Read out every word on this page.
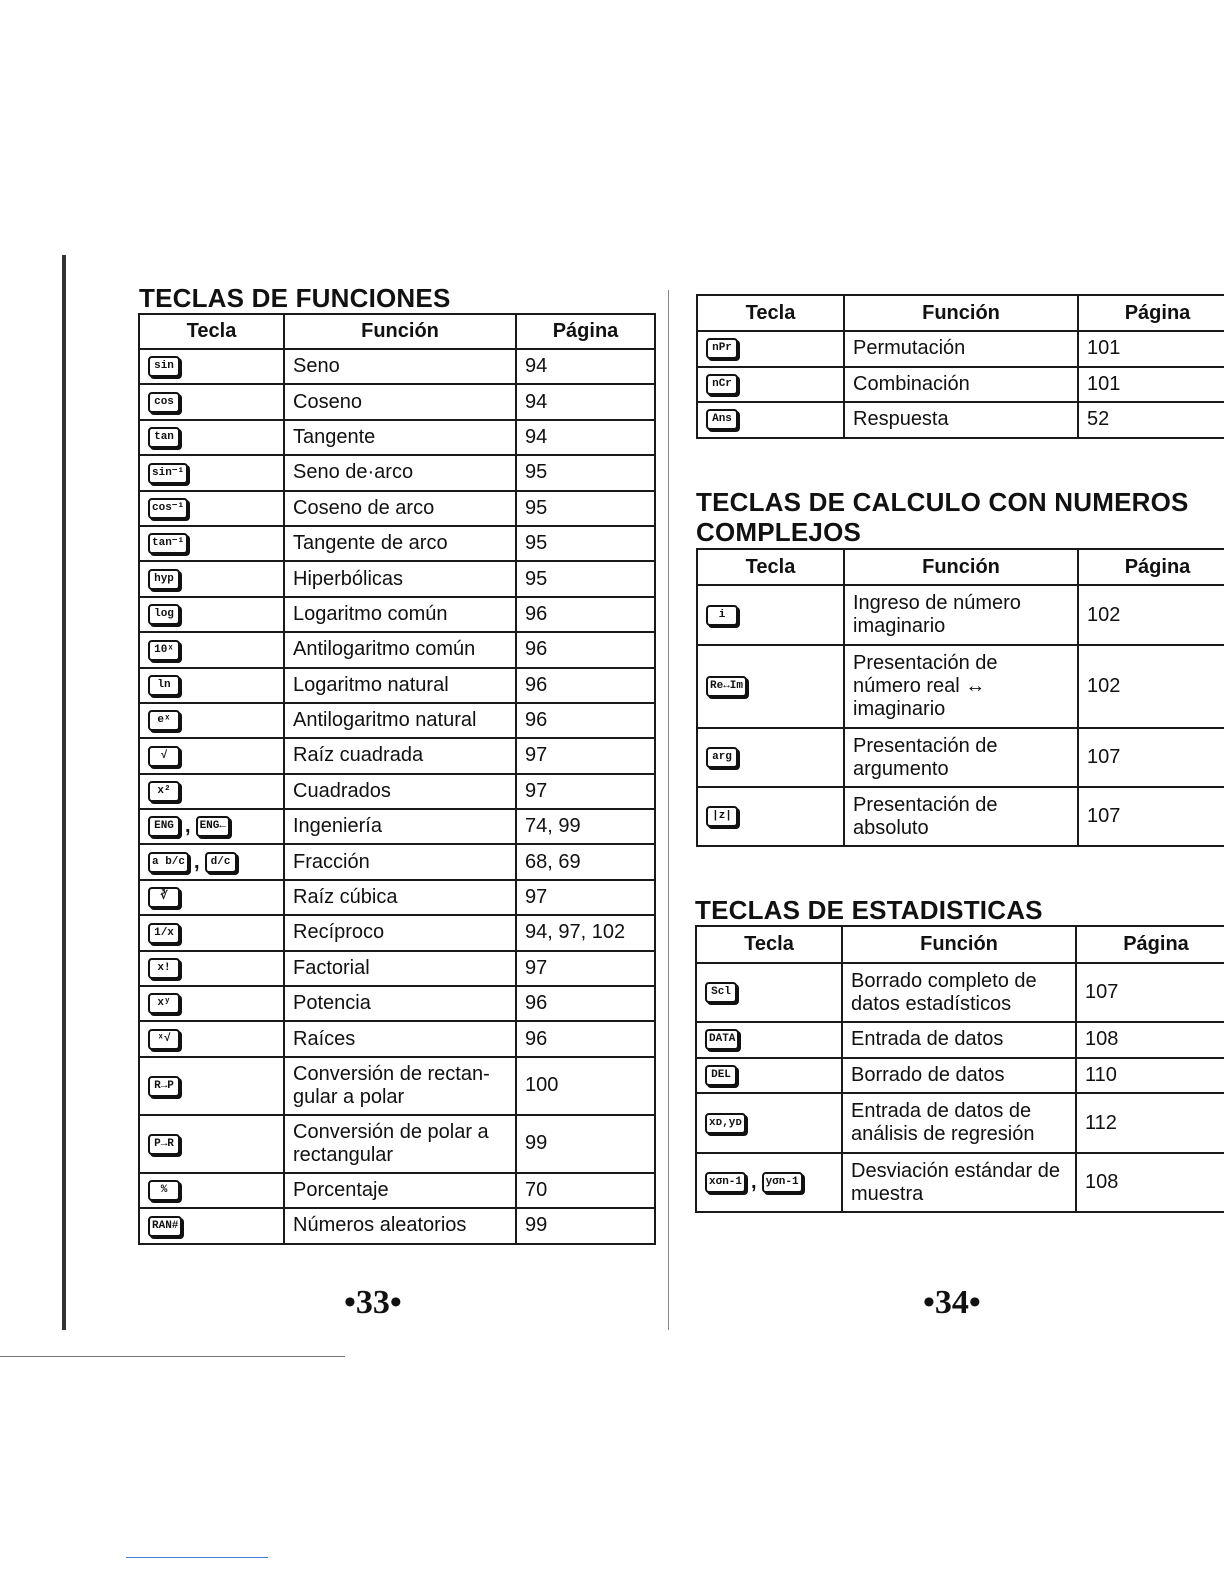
TECLAS DE FUNCIONES
Tecla	Función	Página
sin	Seno	94
cos	Coseno	94
tan	Tangente	94
sin⁻¹	Seno de·arco	95
cos⁻¹	Coseno de arco	95
tan⁻¹	Tangente de arco	95
hyp	Hiperbólicas	95
log	Logaritmo común	96
10ˣ	Antilogaritmo común	96
ln	Logaritmo natural	96
eˣ	Antilogaritmo natural	96
√	Raíz cuadrada	97
x²	Cuadrados	97
ENG , ENG←	Ingeniería	74, 99
a b/c , d/c	Fracción	68, 69
∛	Raíz cúbica	97
1/x	Recíproco	94, 97, 102
x!	Factorial	97
xʸ	Potencia	96
ˣ√	Raíces	96
R→P	Conversión de rectan-gular a polar	100
P→R	Conversión de polar a rectangular	99
%	Porcentaje	70
RAN#	Números aleatorios	99
•33•
Tecla	Función	Página
nPr	Permutación	101
nCr	Combinación	101
Ans	Respuesta	52
TECLAS DE CALCULO CON NUMEROS COMPLEJOS
Tecla	Función	Página
i	Ingreso de número imaginario	102
Re↔Im	Presentación de número real ↔ imaginario	102
arg	Presentación de argumento	107
|z|	Presentación de absoluto	107
TECLAS DE ESTADISTICAS
Tecla	Función	Página
Scl	Borrado completo de datos estadísticos	107
DATA	Entrada de datos	108
DEL	Borrado de datos	110
xᴅ,yᴅ	Entrada de datos de análisis de regresión	112
xσn-1 , yσn-1	Desviación estándar de muestra	108
•34•
